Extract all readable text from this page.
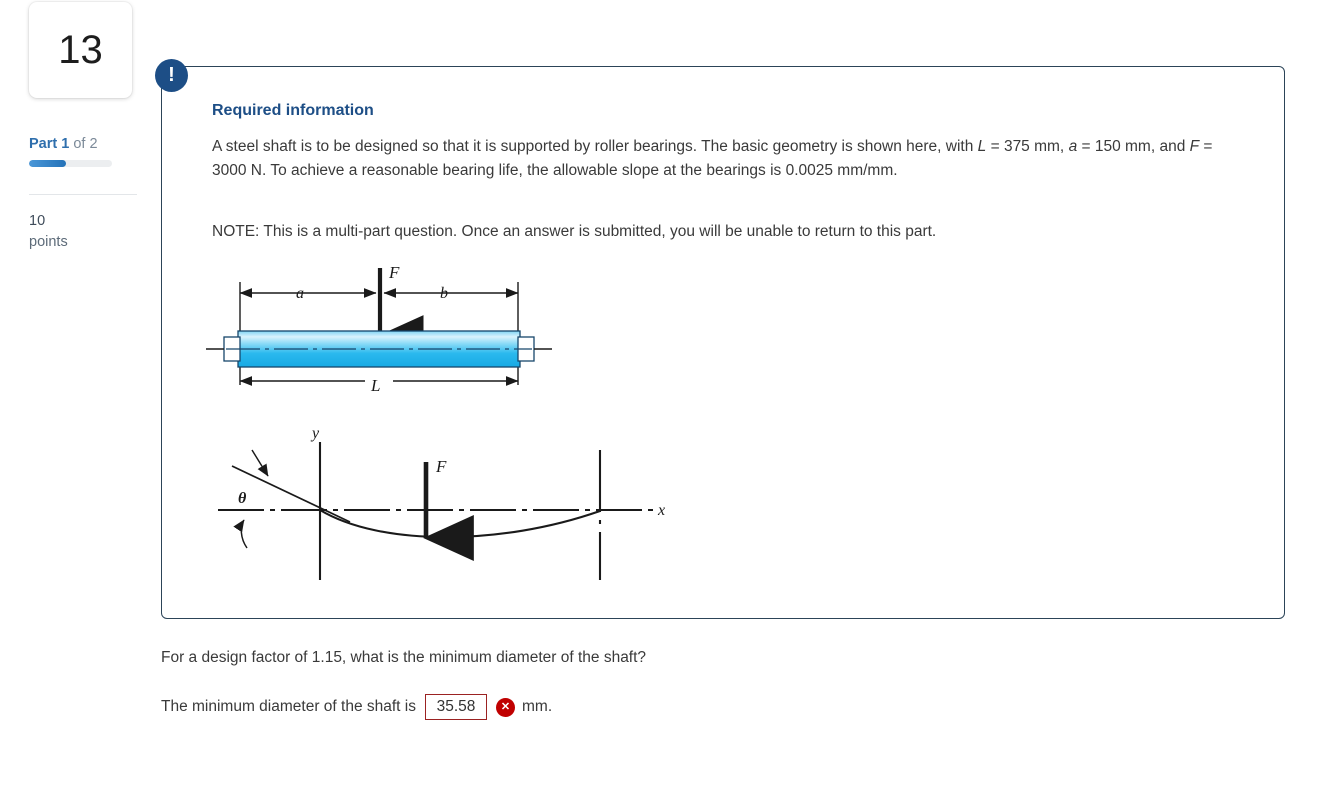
13
Part 1 of 2
10
points
!
Required information
A steel shaft is to be designed so that it is supported by roller bearings. The basic geometry is shown here, with L = 375 mm, a = 150 mm, and F = 3000 N. To achieve a reasonable bearing life, the allowable slope at the bearings is 0.0025 mm/mm.
NOTE: This is a multi-part question. Once an answer is submitted, you will be unable to return to this part.
a	b
F
L
x
y
θ
F
For a design factor of 1.15, what is the minimum diameter of the shaft?
The minimum diameter of the shaft is	35.58	✕ mm.
